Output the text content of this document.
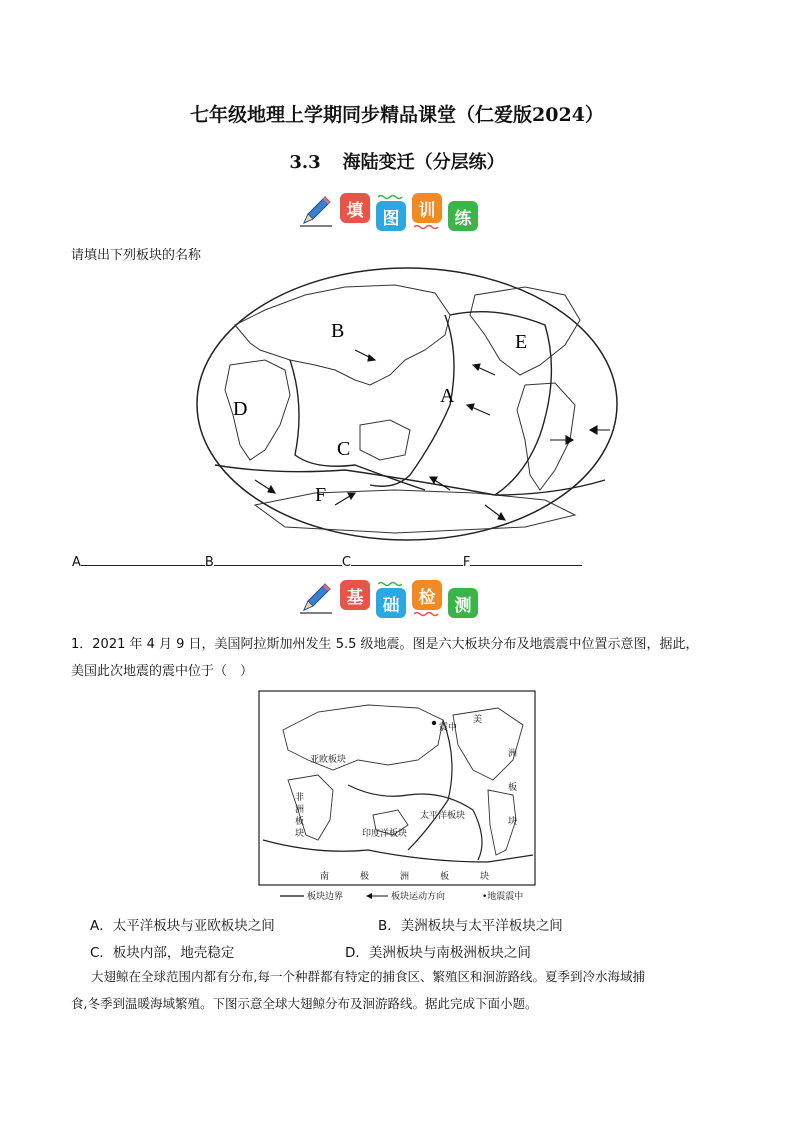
七年级地理上学期同步精品课堂（仁爱版2024）
3.3 海陆变迁（分层练）
填 图 训 练
请填出下列板块的名称
A
B
C
D
E
F
A	B	C	F
基 础 检 测
1．2021 年 4 月 9 日，美国阿拉斯加州发生 5.5 级地震。图是六大板块分布及地震震中位置示意图，据此，
美国此次地震的震中位于（　）
亚欧板块
太平洋板块
印度洋板块
震中
非
洲
板
块
美
洲
板
块
南	极	洲	板	块
板块边界	板块运动方向	•地震震中
A．太平洋板块与亚欧板块之间	B．美洲板块与太平洋板块之间
C．板块内部，地壳稳定	D．美洲板块与南极洲板块之间
大翅鲸在全球范围内都有分布,每一个种群都有特定的捕食区、繁殖区和洄游路线。夏季到冷水海域捕
食,冬季到温暖海域繁殖。下图示意全球大翅鲸分布及洄游路线。据此完成下面小题。
